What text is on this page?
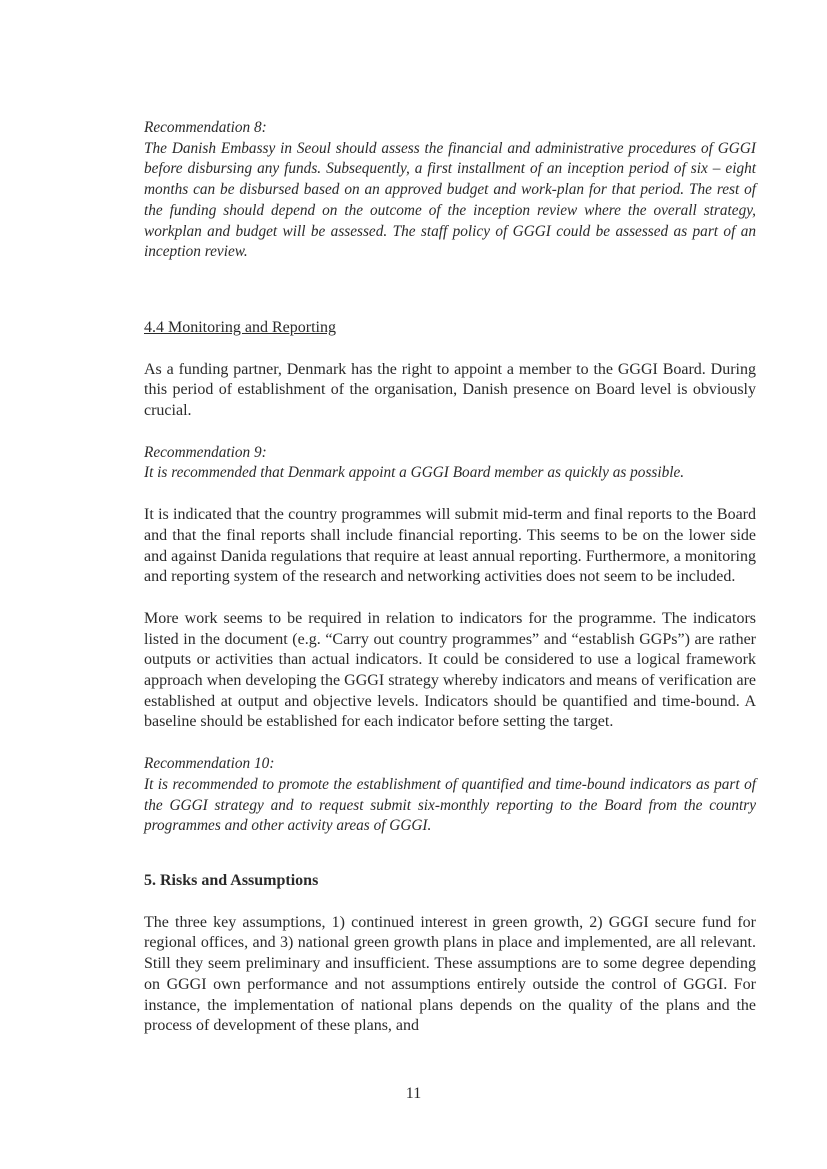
Recommendation 8:

The Danish Embassy in Seoul should assess the financial and administrative procedures of GGGI before disbursing any funds. Subsequently, a first installment of an inception period of six – eight months can be disbursed based on an approved budget and work-plan for that period. The rest of the funding should depend on the outcome of the inception review where the overall strategy, workplan and budget will be assessed. The staff policy of GGGI could be assessed as part of an inception review.

4.4 Monitoring and Reporting

As a funding partner, Denmark has the right to appoint a member to the GGGI Board. During this period of establishment of the organisation, Danish presence on Board level is obviously crucial.

Recommendation 9:

It is recommended that Denmark appoint a GGGI Board member as quickly as possible.

It is indicated that the country programmes will submit mid-term and final reports to the Board and that the final reports shall include financial reporting. This seems to be on the lower side and against Danida regulations that require at least annual reporting. Furthermore, a monitoring and reporting system of the research and networking activities does not seem to be included.

More work seems to be required in relation to indicators for the programme. The indicators listed in the document (e.g. “Carry out country programmes” and “establish GGPs”) are rather outputs or activities than actual indicators. It could be considered to use a logical framework approach when developing the GGGI strategy whereby indicators and means of verification are established at output and objective levels. Indicators should be quantified and time-bound. A baseline should be established for each indicator before setting the target.

Recommendation 10:

It is recommended to promote the establishment of quantified and time-bound indicators as part of the GGGI strategy and to request submit six-monthly reporting to the Board from the country programmes and other activity areas of GGGI.

5. Risks and Assumptions

The three key assumptions, 1) continued interest in green growth, 2) GGGI secure fund for regional offices, and 3) national green growth plans in place and implemented, are all relevant. Still they seem preliminary and insufficient. These assumptions are to some degree depending on GGGI own performance and not assumptions entirely outside the control of GGGI. For instance, the implementation of national plans depends on the quality of the plans and the process of development of these plans, and

11
